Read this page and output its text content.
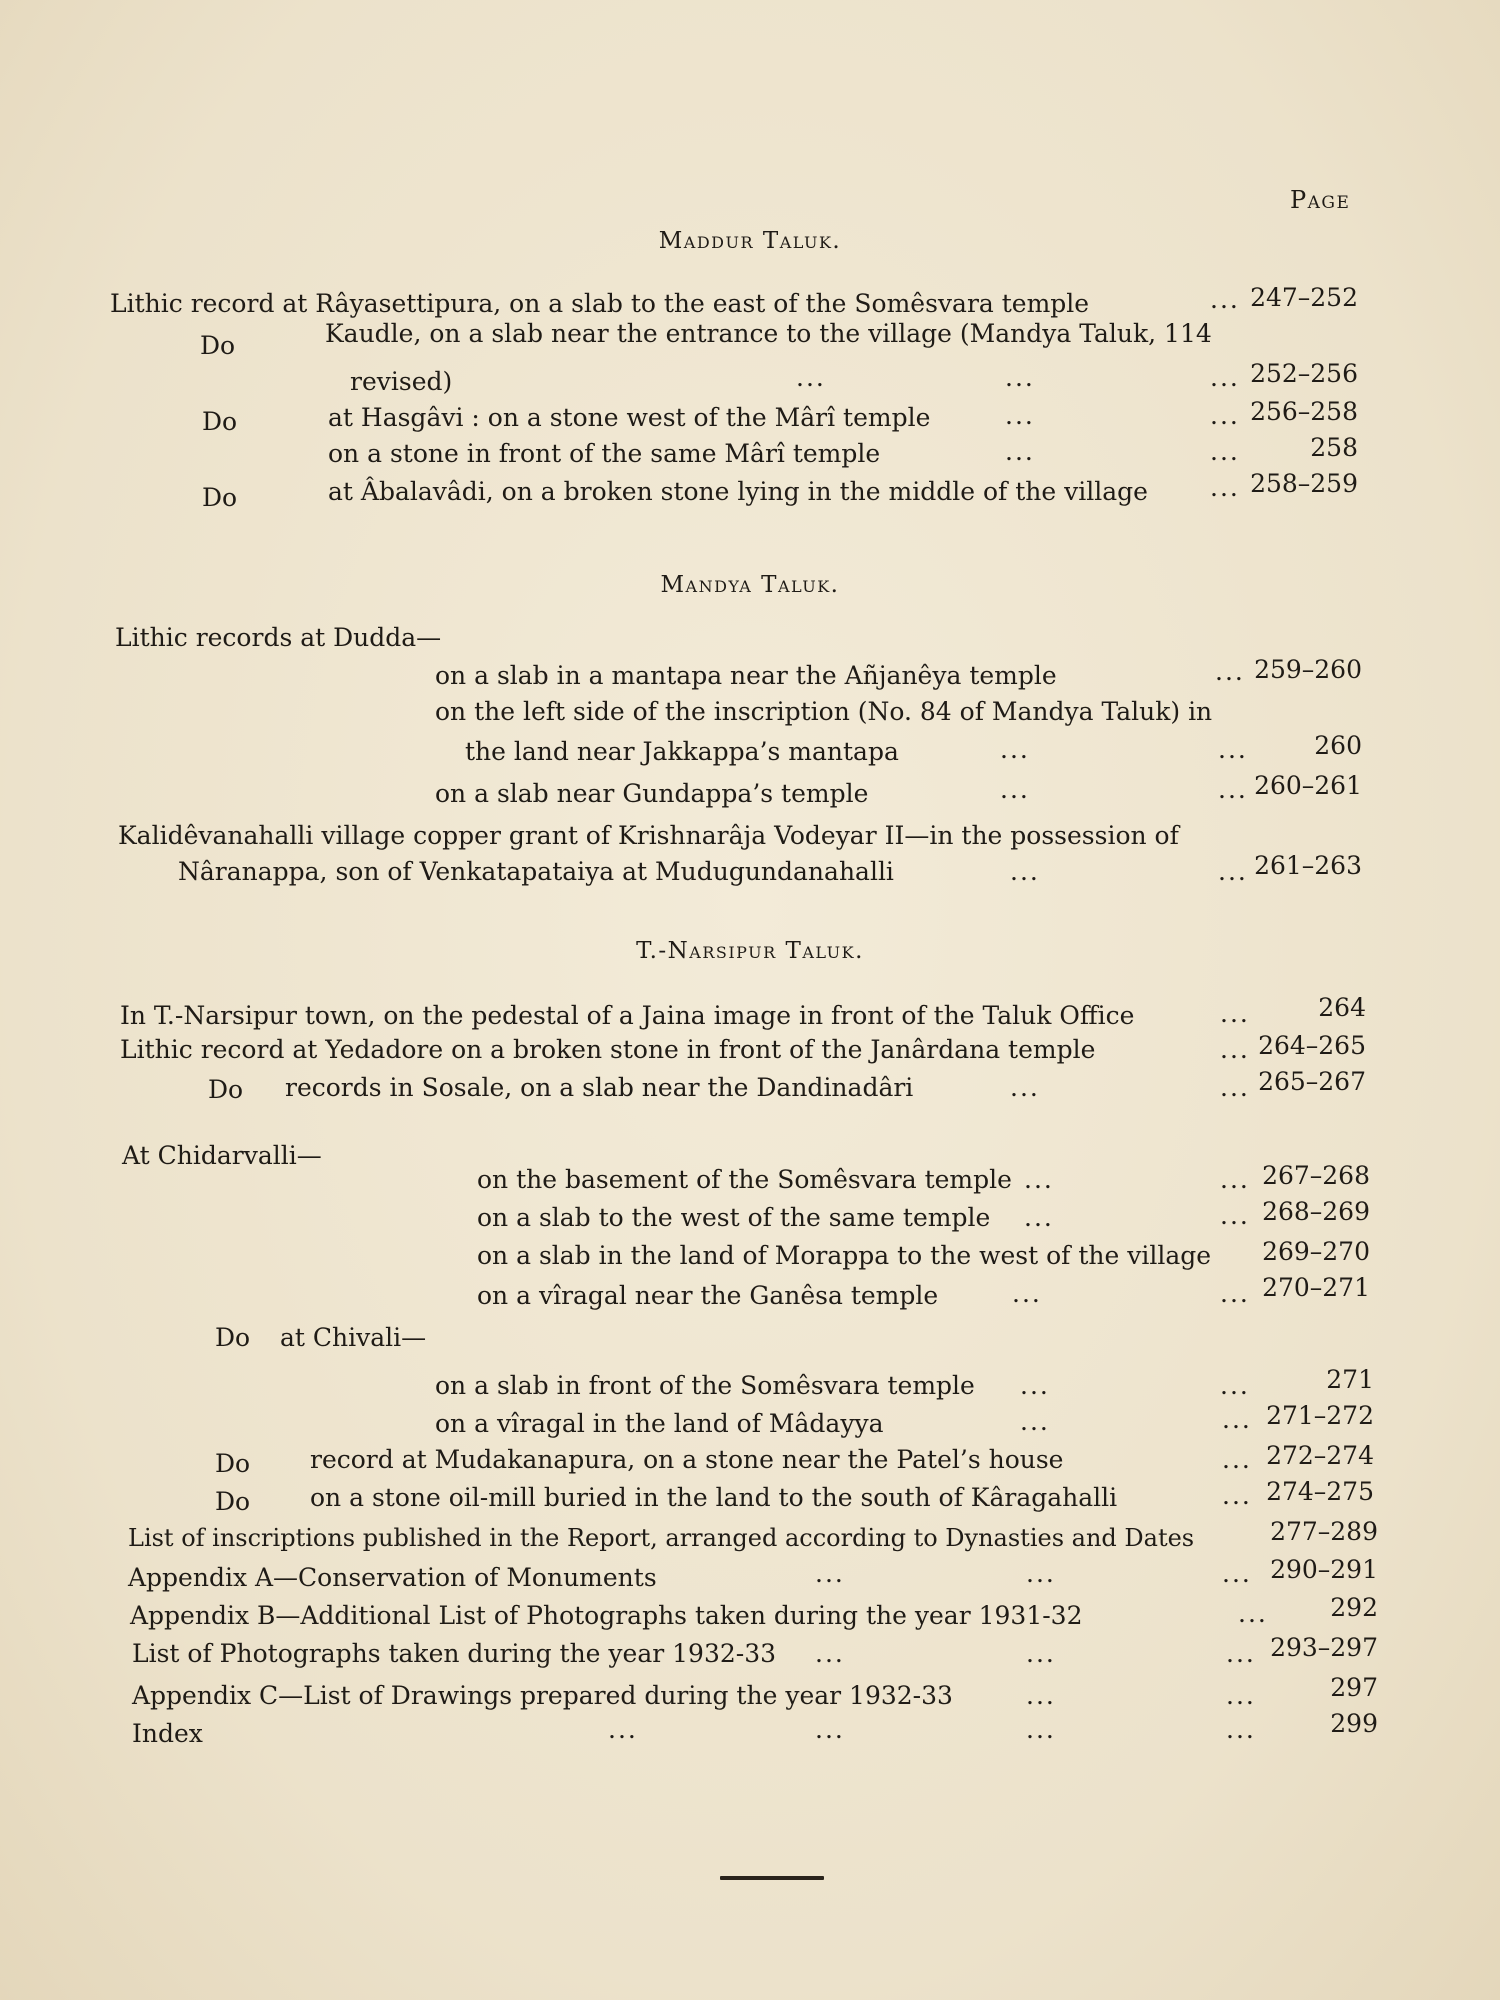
Page
Maddur Taluk.
Lithic record at Râyasettipura, on a slab to the east of the Somêsvara temple	... 247–252
Do	Kaudle, on a slab near the entrance to the village (Mandya Taluk, 114
revised)	...	...	... 252–256
Do	at Hasgâvi : on a stone west of the Mârî temple	...	... 256–258
on a stone in front of the same Mârî temple	...	...	258
Do	at Âbalavâdi, on a broken stone lying in the middle of the village ... 258–259
Mandya Taluk.
Lithic records at Dudda—
on a slab in a mantapa near the Añjanêya temple	... 259–260
on the left side of the inscription (No. 84 of Mandya Taluk) in
the land near Jakkappa’s mantapa	...	...	260
on a slab near Gundappa’s temple	...	... 260–261
Kalidêvanahalli village copper grant of Krishnarâja Vodeyar II—in the possession of
Nâranappa, son of Venkatapataiya at Mudugundanahalli	...	... 261–263
T.-Narsipur Taluk.
In T.-Narsipur town, on the pedestal of a Jaina image in front of the Taluk Office	...	264
Lithic record at Yedadore on a broken stone in front of the Janârdana temple	... 264–265
Do records in Sosale, on a slab near the Dandinadâri	...	... 265–267
At Chidarvalli—
on the basement of the Somêsvara temple ...	... 267–268
on a slab to the west of the same temple ...	... 268–269
on a slab in the land of Morappa to the west of the village	269–270
on a vîragal near the Ganêsa temple	...	... 270–271
Do at Chivali—
on a slab in front of the Somêsvara temple ...	...	271
on a vîragal in the land of Mâdayya	...	... 271–272
Do record at Mudakanapura, on a stone near the Patel’s house	... 272–274
Do on a stone oil-mill buried in the land to the south of Kâragahalli	... 274–275
List of inscriptions published in the Report, arranged according to Dynasties and Dates	277–289
Appendix A—Conservation of Monuments	...	...	... 290–291
Appendix B—Additional List of Photographs taken during the year 1931-32	...	292
List of Photographs taken during the year 1932-33 ...	...	... 293–297
Appendix C—List of Drawings prepared during the year 1932-33	...	...	297
Index	...	...	...	...	299
